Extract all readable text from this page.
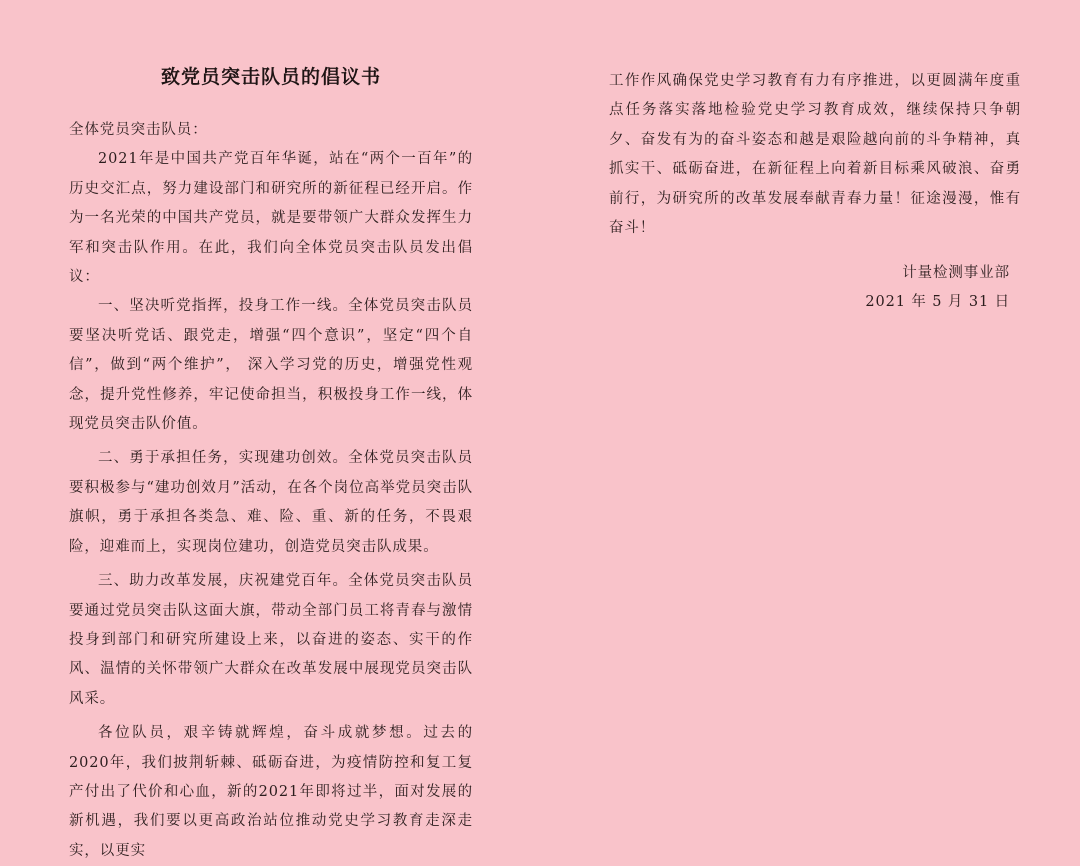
致党员突击队员的倡议书

全体党员突击队员：

2021年是中国共产党百年华诞，站在“两个一百年”的历史交汇点，努力建设部门和研究所的新征程已经开启。作为一名光荣的中国共产党员，就是要带领广大群众发挥生力军和突击队作用。在此，我们向全体党员突击队员发出倡议：

一、坚决听党指挥，投身工作一线。全体党员突击队员要坚决听党话、跟党走，增强“四个意识”，坚定“四个自信”，做到“两个维护”， 深入学习党的历史，增强党性观念，提升党性修养，牢记使命担当，积极投身工作一线，体现党员突击队价值。

二、勇于承担任务，实现建功创效。全体党员突击队员要积极参与“建功创效月”活动，在各个岗位高举党员突击队旗帜，勇于承担各类急、难、险、重、新的任务，不畏艰险，迎难而上，实现岗位建功，创造党员突击队成果。

三、助力改革发展，庆祝建党百年。全体党员突击队员要通过党员突击队这面大旗，带动全部门员工将青春与激情投身到部门和研究所建设上来，以奋进的姿态、实干的作风、温情的关怀带领广大群众在改革发展中展现党员突击队风采。

各位队员，艰辛铸就辉煌，奋斗成就梦想。过去的2020年，我们披荆斩棘、砥砺奋进，为疫情防控和复工复产付出了代价和心血，新的2021年即将过半，面对发展的新机遇，我们要以更高政治站位推动党史学习教育走深走实，以更实

工作作风确保党史学习教育有力有序推进，以更圆满年度重点任务落实落地检验党史学习教育成效，继续保持只争朝夕、奋发有为的奋斗姿态和越是艰险越向前的斗争精神，真抓实干、砥砺奋进，在新征程上向着新目标乘风破浪、奋勇前行，为研究所的改革发展奉献青春力量！征途漫漫，惟有奋斗！

计量检测事业部
2021 年 5 月 31 日
